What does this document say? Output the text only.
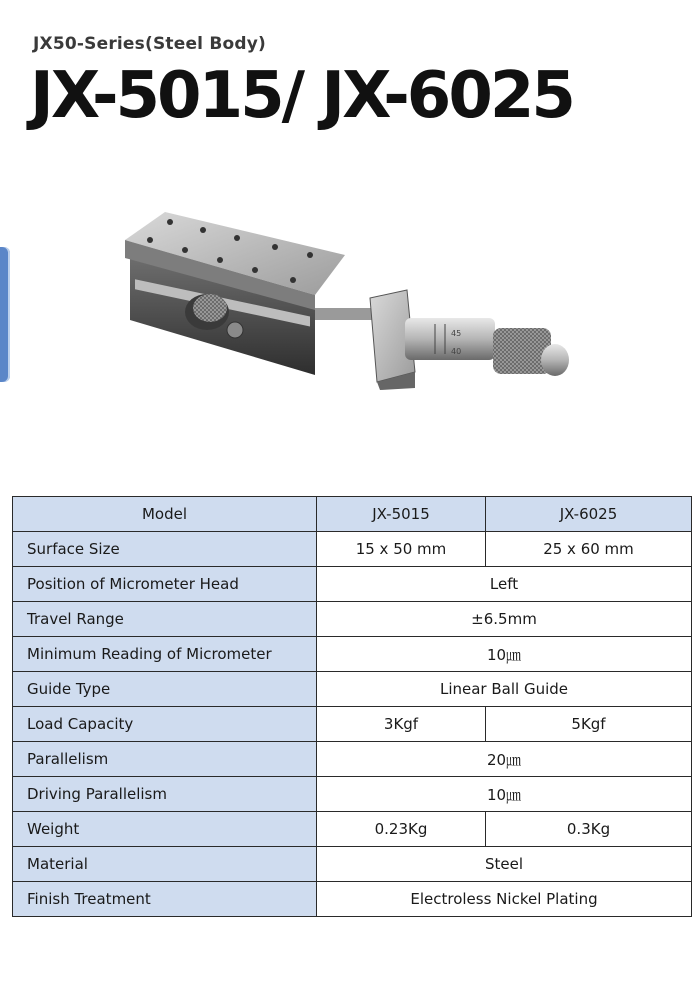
JX50-Series(Steel Body)
JX-5015/ JX-6025
45
40
Model	JX-5015	JX-6025
Surface Size	15 x 50 mm	25 x 60 mm
Position of Micrometer Head	Left	
Travel Range	±6.5mm	
Minimum Reading of Micrometer	10㎛	
Guide Type	Linear Ball Guide	
Load Capacity	3Kgf	5Kgf
Parallelism	20㎛	
Driving Parallelism	10㎛	
Weight	0.23Kg	0.3Kg
Material	Steel	
Finish Treatment	Electroless Nickel Plating	
